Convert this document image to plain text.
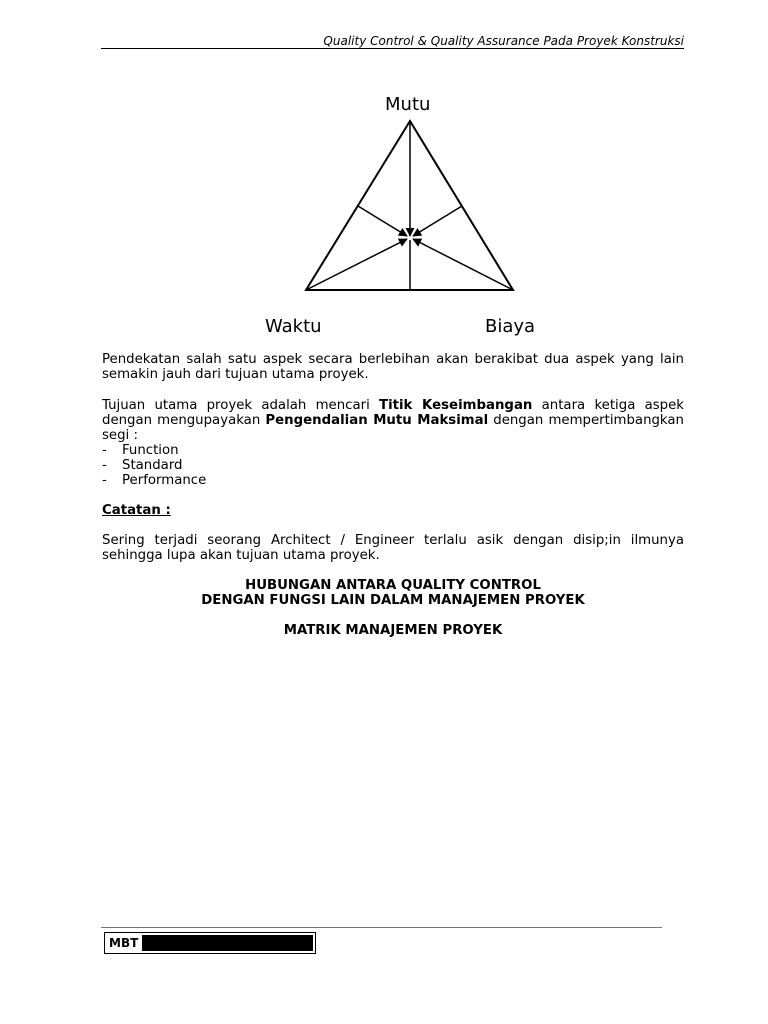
Quality Control & Quality Assurance Pada Proyek Konstruksi
Mutu
Waktu	Biaya
Pendekatan salah satu aspek secara berlebihan akan berakibat dua aspek yang lain semakin jauh dari tujuan utama proyek.
Tujuan utama proyek adalah mencari Titik Keseimbangan antara ketiga aspek dengan mengupayakan Pengendalian Mutu Maksimal dengan mempertimbangkan segi :
- Function
- Standard
- Performance
Catatan :
Sering terjadi seorang Architect / Engineer terlalu asik dengan disip;in ilmunya sehingga lupa akan tujuan utama proyek.
HUBUNGAN ANTARA QUALITY CONTROL
DENGAN FUNGSI LAIN DALAM MANAJEMEN PROYEK
MATRIK MANAJEMEN PROYEK
MBT
